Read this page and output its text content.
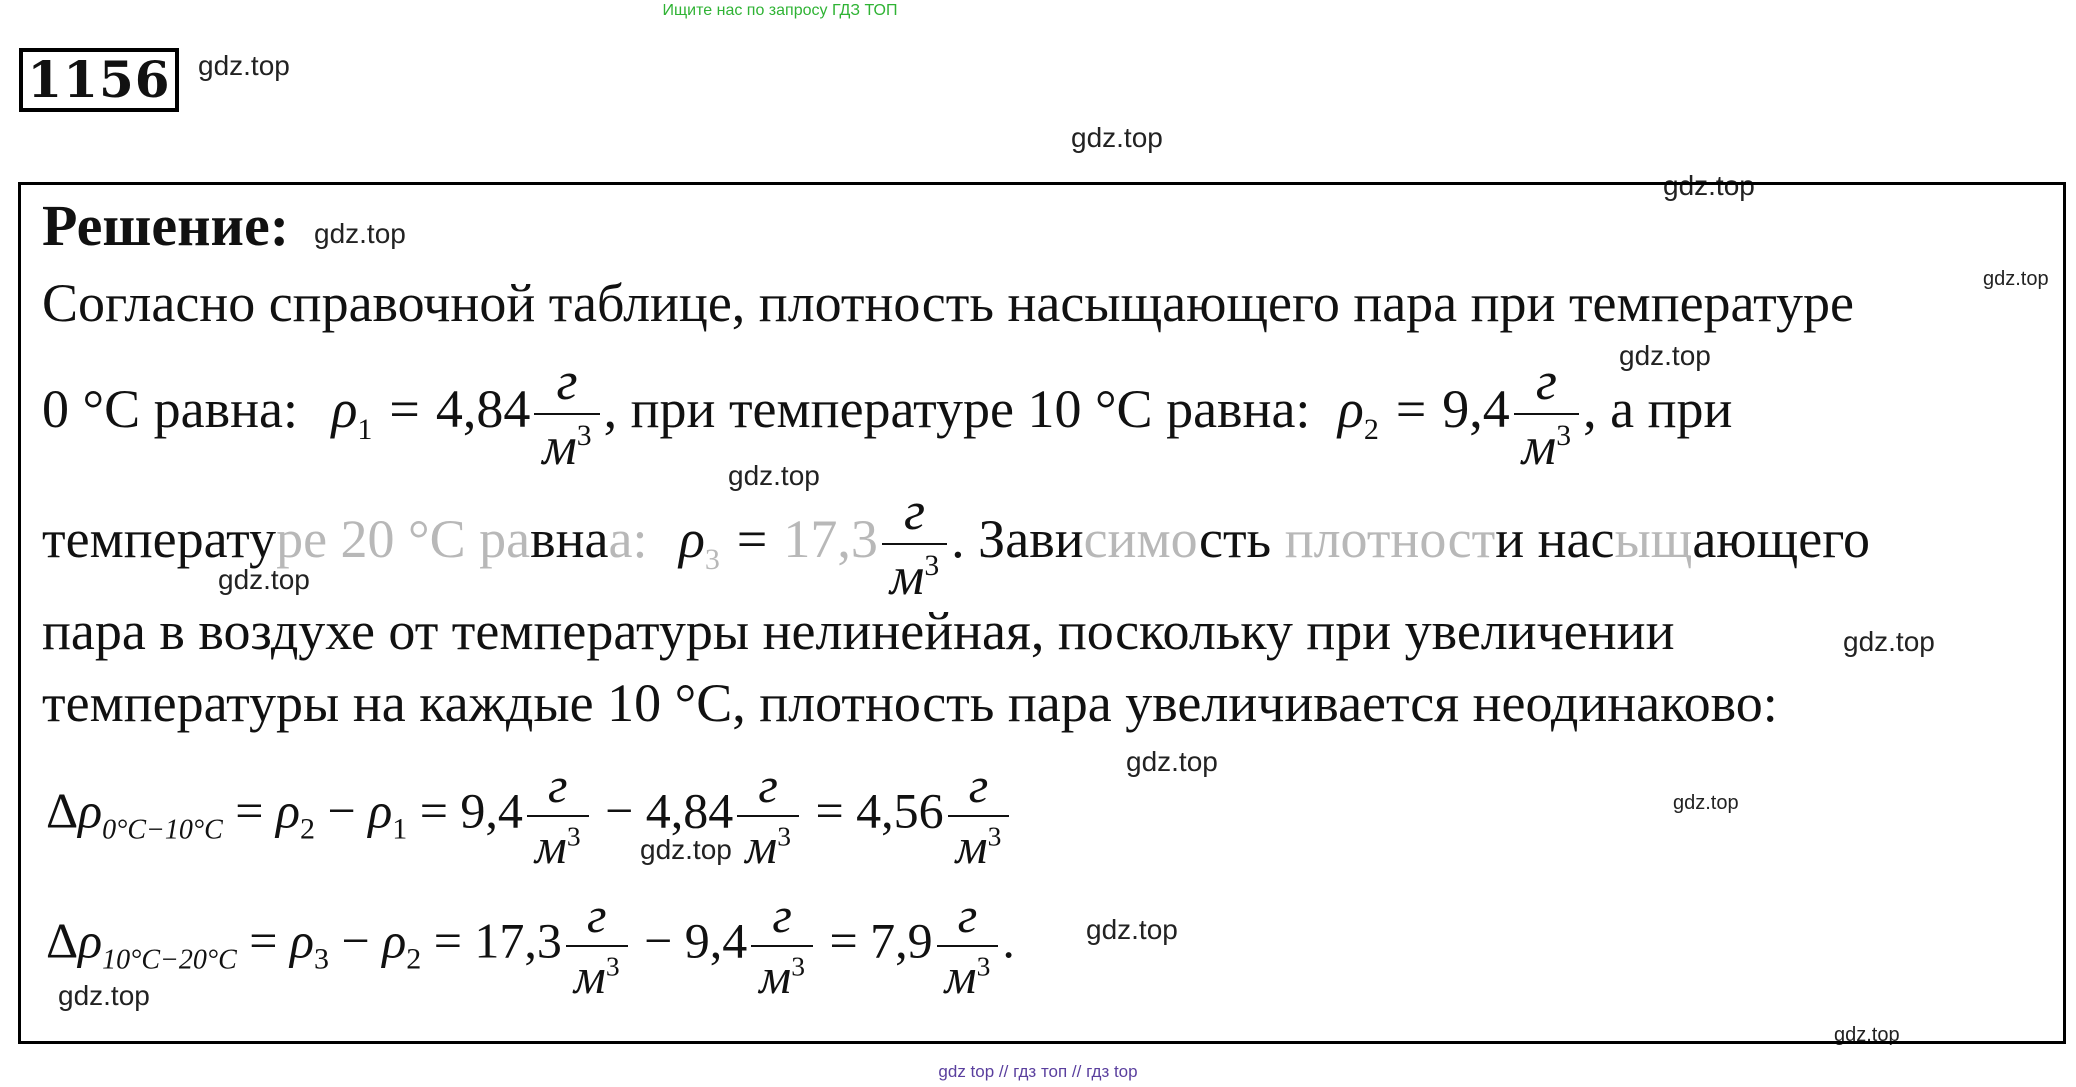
Ищите нас по запросу ГДЗ ТОП
1156 gdz.top
gdz.top
gdz.top
gdz.top
gdz.top
gdz.top
gdz.top
gdz.top
gdz.top
gdz.top
gdz.top
gdz.top
gdz.top
gdz.top
gdz.top
Решение:
Согласно справочной таблице, плотность насыщающего пара при температуре
0 °C равна: $\rho_1 = 4,84 \frac{г}{м^3}$ , при температуре 10 °C равна: $\rho_2 = 9,4 \frac{г}{м^3}$ , а при
температуре 20 °C равнаа: $\rho_3 = 17,3 \frac{г}{м^3}$ . Зависимость плотности насыщающего
пара в воздухе от температуры нелинейная, поскольку при увеличении
температуры на каждые 10 °C, плотность пара увеличивается неодинаково:
$\Delta\rho_{0^\circ C-10^\circ C} = \rho_2 - \rho_1 = 9,4 \frac{г}{м^3} - 4,84 \frac{г}{м^3} = 4,56 \frac{г}{м^3}$
$\Delta\rho_{10^\circ C-20^\circ C} = \rho_3 - \rho_2 = 17,3 \frac{г}{м^3} - 9,4 \frac{г}{м^3} = 7,9 \frac{г}{м^3}$ .
gdz top // гдз топ // гдз top
